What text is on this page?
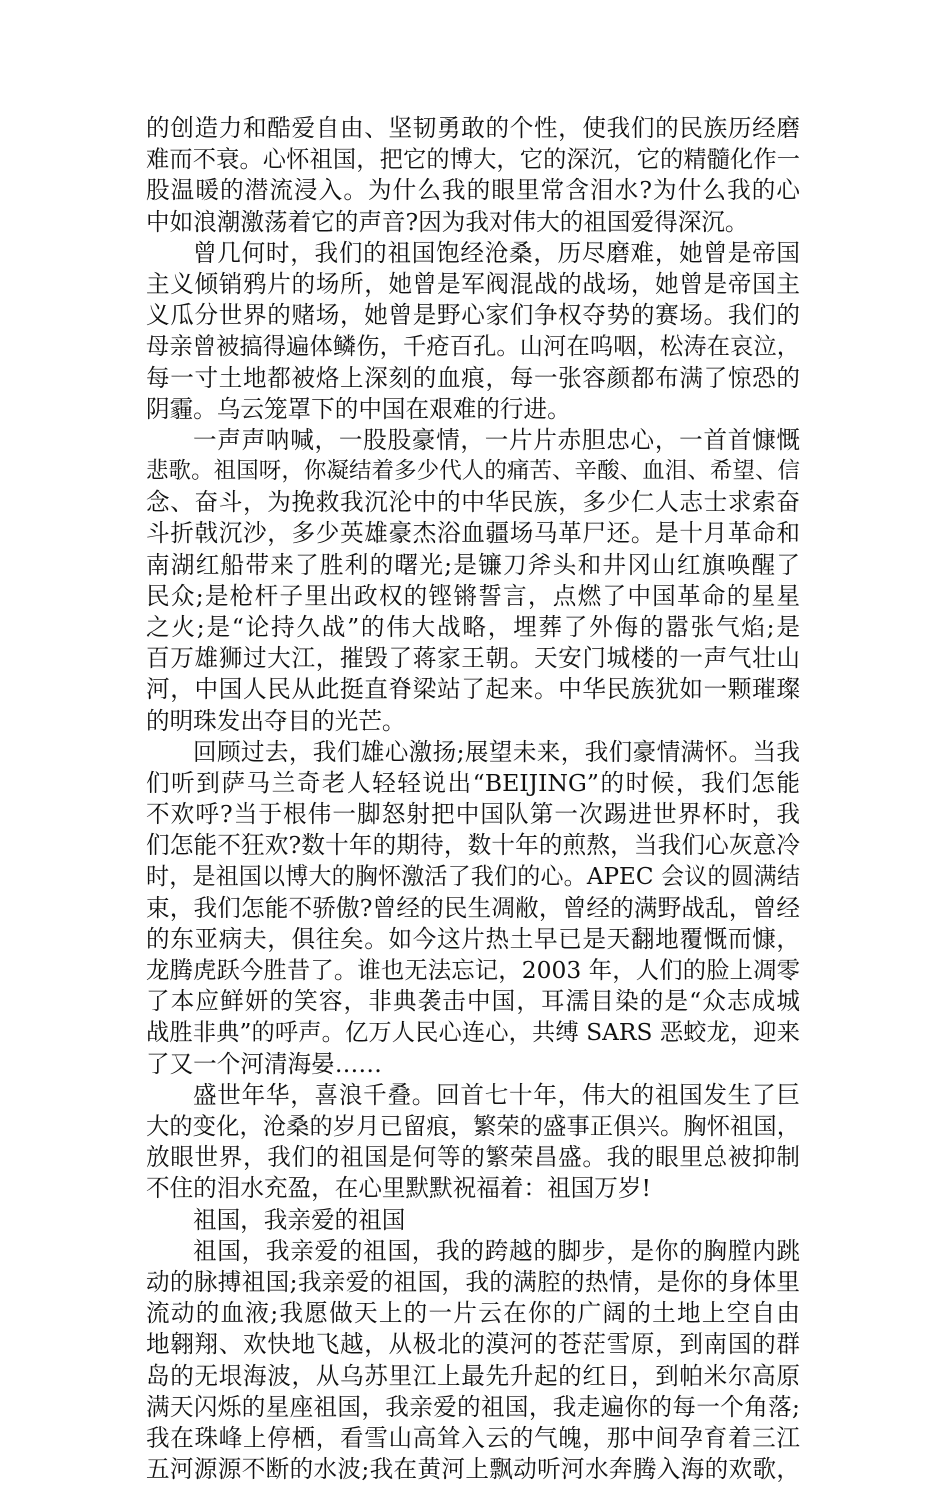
的创造力和酷爱自由、坚韧勇敢的个性，使我们的民族历经磨
难而不衰。心怀祖国，把它的博大，它的深沉，它的精髓化作一
股温暖的潜流浸入。为什么我的眼里常含泪水?为什么我的心
中如浪潮激荡着它的声音?因为我对伟大的祖国爱得深沉。
曾几何时，我们的祖国饱经沧桑，历尽磨难，她曾是帝国
主义倾销鸦片的场所，她曾是军阀混战的战场，她曾是帝国主
义瓜分世界的赌场，她曾是野心家们争权夺势的赛场。我们的
母亲曾被搞得遍体鳞伤，千疮百孔。山河在呜咽，松涛在哀泣，
每一寸土地都被烙上深刻的血痕，每一张容颜都布满了惊恐的
阴霾。乌云笼罩下的中国在艰难的行进。
一声声呐喊，一股股豪情，一片片赤胆忠心，一首首慷慨
悲歌。祖国呀，你凝结着多少代人的痛苦、辛酸、血泪、希望、信
念、奋斗，为挽救我沉沦中的中华民族，多少仁人志士求索奋
斗折戟沉沙，多少英雄豪杰浴血疆场马革尸还。是十月革命和
南湖红船带来了胜利的曙光;是镰刀斧头和井冈山红旗唤醒了
民众;是枪杆子里出政权的铿锵誓言，点燃了中国革命的星星
之火;是“论持久战”的伟大战略，埋葬了外侮的嚣张气焰;是
百万雄狮过大江，摧毁了蒋家王朝。天安门城楼的一声气壮山
河，中国人民从此挺直脊梁站了起来。中华民族犹如一颗璀璨
的明珠发出夺目的光芒。
回顾过去，我们雄心激扬;展望未来，我们豪情满怀。当我
们听到萨马兰奇老人轻轻说出“BEIJING”的时候，我们怎能
不欢呼?当于根伟一脚怒射把中国队第一次踢进世界杯时，我
们怎能不狂欢?数十年的期待，数十年的煎熬，当我们心灰意冷
时，是祖国以博大的胸怀激活了我们的心。APEC 会议的圆满结
束，我们怎能不骄傲?曾经的民生凋敝，曾经的满野战乱，曾经
的东亚病夫，俱往矣。如今这片热土早已是天翻地覆慨而慷，
龙腾虎跃今胜昔了。谁也无法忘记，2003 年，人们的脸上凋零
了本应鲜妍的笑容，非典袭击中国，耳濡目染的是“众志成城
战胜非典”的呼声。亿万人民心连心，共缚 SARS 恶蛟龙，迎来
了又一个河清海晏……
盛世年华，喜浪千叠。回首七十年，伟大的祖国发生了巨
大的变化，沧桑的岁月已留痕，繁荣的盛事正俱兴。胸怀祖国，
放眼世界，我们的祖国是何等的繁荣昌盛。我的眼里总被抑制
不住的泪水充盈，在心里默默祝福着：祖国万岁!
祖国，我亲爱的祖国
祖国，我亲爱的祖国，我的跨越的脚步，是你的胸膛内跳
动的脉搏祖国;我亲爱的祖国，我的满腔的热情，是你的身体里
流动的血液;我愿做天上的一片云在你的广阔的土地上空自由
地翱翔、欢快地飞越，从极北的漠河的苍茫雪原，到南国的群
岛的无垠海波，从乌苏里江上最先升起的红日，到帕米尔高原
满天闪烁的星座祖国，我亲爱的祖国，我走遍你的每一个角落;
我在珠峰上停栖，看雪山高耸入云的气魄，那中间孕育着三江
五河源源不断的水波;我在黄河上飘动听河水奔腾入海的欢歌，
